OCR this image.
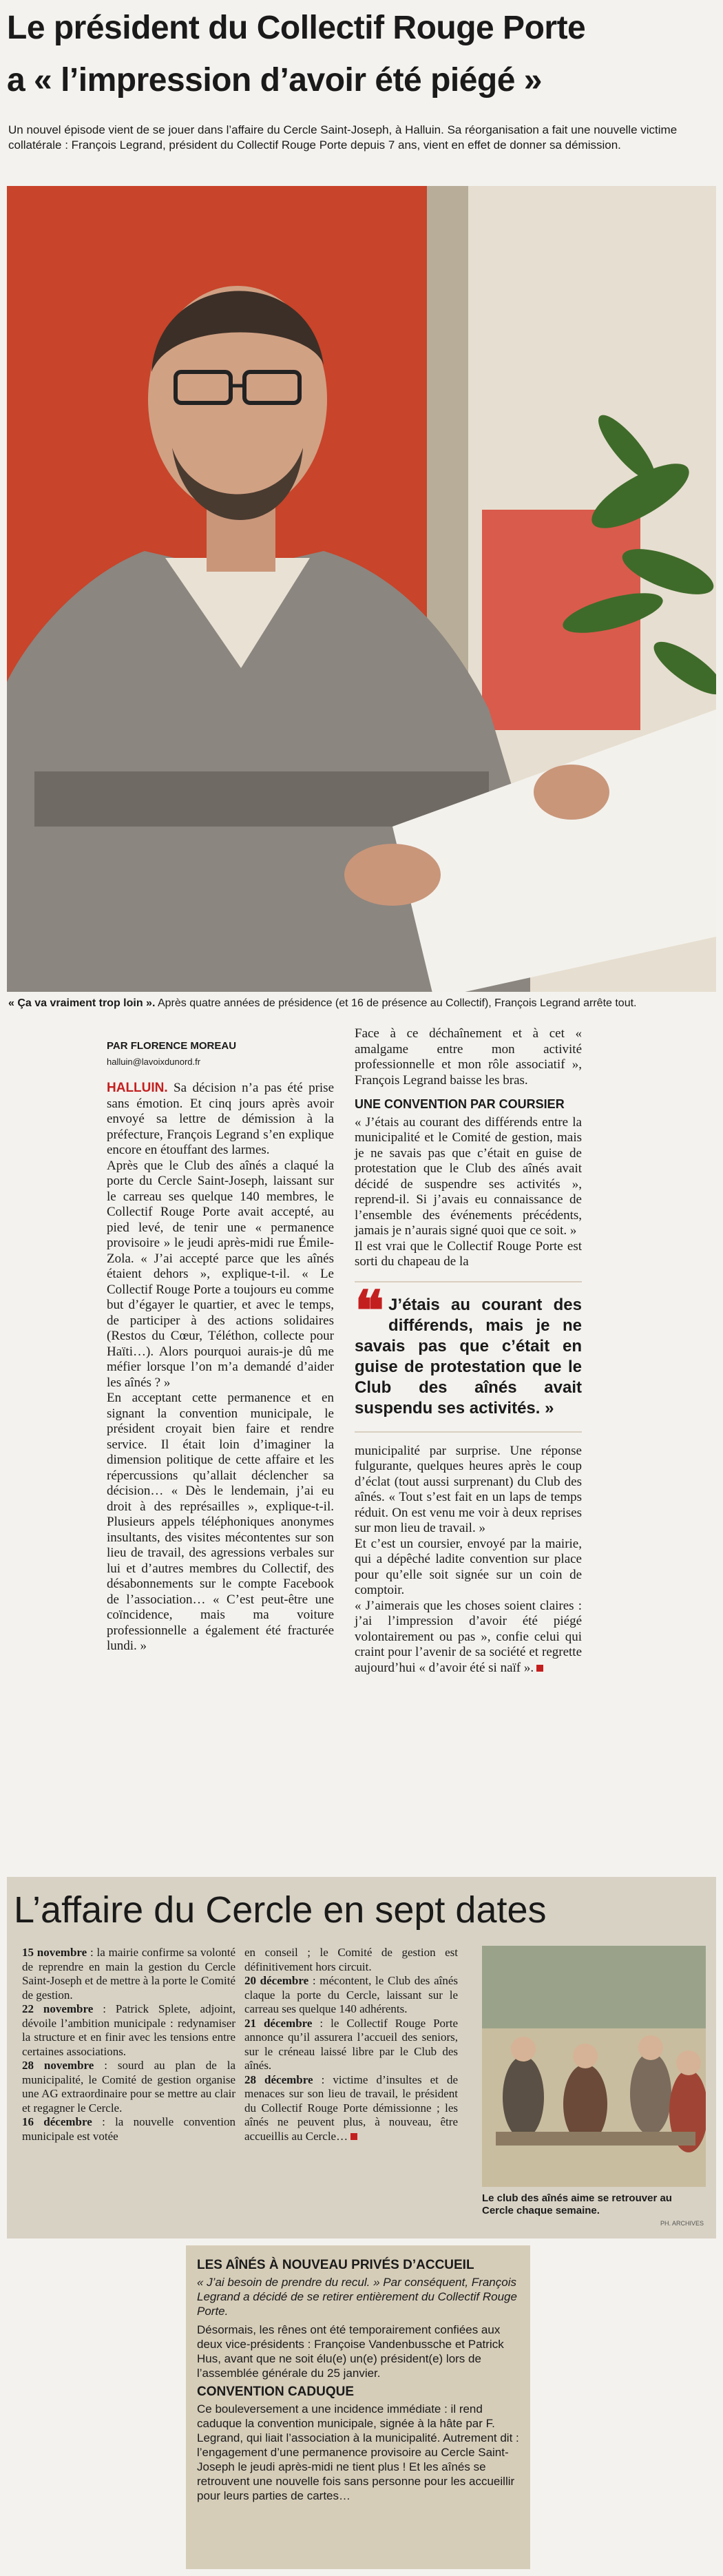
Le président du Collectif Rouge Porte
a « l’impression d’avoir été piégé »
Un nouvel épisode vient de se jouer dans l’affaire du Cercle Saint-Joseph, à Halluin. Sa réorganisation a fait une nouvelle victime collatérale : François Legrand, président du Collectif Rouge Porte depuis 7 ans, vient en effet de donner sa démission.
« Ça va vraiment trop loin ». Après quatre années de présidence (et 16 de présence au Collectif), François Legrand arrête tout.
PAR FLORENCE MOREAU
halluin@lavoixdunord.fr

HALLUIN. Sa décision n’a pas été prise sans émotion. Et cinq jours après avoir envoyé sa lettre de démission à la préfecture, François Legrand s’en explique encore en étouffant des larmes.

Après que le Club des aînés a claqué la porte du Cercle Saint-Joseph, laissant sur le carreau ses quelque 140 membres, le Collectif Rouge Porte avait accepté, au pied levé, de tenir une « permanence provisoire » le jeudi après-midi rue Émile-Zola. « J’ai accepté parce que les aînés étaient dehors », explique-t-il. « Le Collectif Rouge Porte a toujours eu comme but d’égayer le quartier, et avec le temps, de participer à des actions solidaires (Restos du Cœur, Téléthon, collecte pour Haïti…). Alors pourquoi aurais-je dû me méfier lorsque l’on m’a demandé d’aider les aînés ? »

En acceptant cette permanence et en signant la convention municipale, le président croyait bien faire et rendre service. Il était loin d’imaginer la dimension politique de cette affaire et les répercussions qu’allait déclencher sa décision… « Dès le lendemain, j’ai eu droit à des représailles », explique-t-il. Plusieurs appels téléphoniques anonymes insultants, des visites mécontentes sur son lieu de travail, des agressions verbales sur lui et d’autres membres du Collectif, des désabonnements sur le compte Facebook de l’association… « C’est peut-être une coïncidence, mais ma voiture professionnelle a également été fracturée lundi. »

Face à ce déchaînement et à cet « amalgame entre mon activité professionnelle et mon rôle associatif », François Legrand baisse les bras.

UNE CONVENTION PAR COURSIER

« J’étais au courant des différends entre la municipalité et le Comité de gestion, mais je ne savais pas que c’était en guise de protestation que le Club des aînés avait décidé de suspendre ses activités », reprend-il. Si j’avais eu connaissance de l’ensemble des événements précédents, jamais je n’aurais signé quoi que ce soit. »

Il est vrai que le Collectif Rouge Porte est sorti du chapeau de la

❝ J’étais au courant des différends, mais je ne savais pas que c’était en guise de protestation que le Club des aînés avait suspendu ses activités. »

municipalité par surprise. Une réponse fulgurante, quelques heures après le coup d’éclat (tout aussi surprenant) du Club des aînés. « Tout s’est fait en un laps de temps réduit. On est venu me voir à deux reprises sur mon lieu de travail. »

Et c’est un coursier, envoyé par la mairie, qui a dépêché ladite convention sur place pour qu’elle soit signée sur un coin de comptoir.

« J’aimerais que les choses soient claires : j’ai l’impression d’avoir été piégé volontairement ou pas », confie celui qui craint pour l’avenir de sa société et regrette aujourd’hui « d’avoir été si naïf ».

L’affaire du Cercle en sept dates

15 novembre : la mairie confirme sa volonté de reprendre en main la gestion du Cercle Saint-Joseph et de mettre à la porte le Comité de gestion.

22 novembre : Patrick Splete, adjoint, dévoile l’ambition municipale : redynamiser la structure et en finir avec les tensions entre certaines associations.

28 novembre : sourd au plan de la municipalité, le Comité de gestion organise une AG extraordinaire pour se mettre au clair et regagner le Cercle.

16 décembre : la nouvelle convention municipale est votée

en conseil ; le Comité de gestion est définitivement hors circuit.

20 décembre : mécontent, le Club des aînés claque la porte du Cercle, laissant sur le carreau ses quelque 140 adhérents.

21 décembre : le Collectif Rouge Porte annonce qu’il assurera l’accueil des seniors, sur le créneau laissé libre par le Club des aînés.

28 décembre : victime d’insultes et de menaces sur son lieu de travail, le président du Collectif Rouge Porte démissionne ; les aînés ne peuvent plus, à nouveau, être accueillis au Cercle…

Le club des aînés aime se retrouver au Cercle chaque semaine.
PH. ARCHIVES
LES AÎNÉS À NOUVEAU PRIVÉS D’ACCUEIL

« J’ai besoin de prendre du recul. » Par conséquent, François Legrand a décidé de se retirer entièrement du Collectif Rouge Porte.

Désormais, les rênes ont été temporairement confiées aux deux vice-présidents : Françoise Vandenbussche et Patrick Hus, avant que ne soit élu(e) un(e) président(e) lors de l’assemblée générale du 25 janvier.

CONVENTION CADUQUE

Ce bouleversement a une incidence immédiate : il rend caduque la convention municipale, signée à la hâte par F. Legrand, qui liait l’association à la municipalité. Autrement dit : l’engagement d’une permanence provisoire au Cercle Saint-Joseph le jeudi après-midi ne tient plus ! Et les aînés se retrouvent une nouvelle fois sans personne pour les accueillir pour leurs parties de cartes…
